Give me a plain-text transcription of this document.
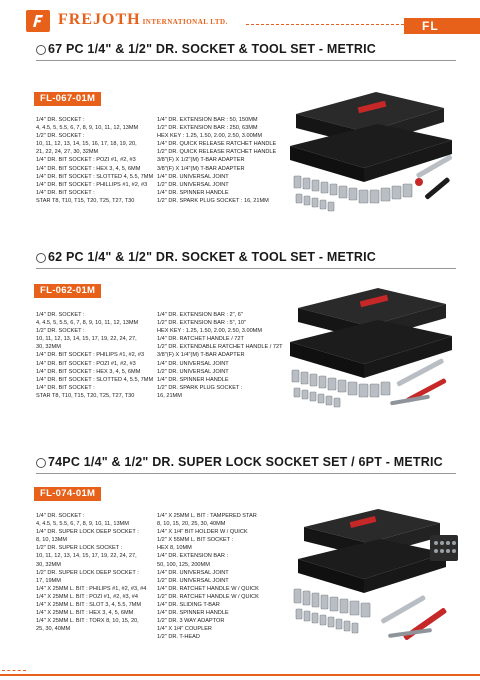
FREJOTH INTERNATIONAL LTD.	FL
67 PC 1/4" & 1/2" DR. SOCKET & TOOL SET - METRIC
FL-067-01M
1/4" DR. SOCKET :
4, 4.5, 5, 5.5, 6, 7, 8, 9, 10, 11, 12, 13MM
1/2" DR. SOCKET :
10, 11, 12, 13, 14, 15, 16, 17, 18, 19, 20,
21, 22, 24, 27, 30, 32MM
1/4" DR. BIT SOCKET : POZI #1, #2, #3
1/4" DR. BIT SOCKET : HEX 3, 4, 5, 6MM
1/4" DR. BIT SOCKET : SLOTTED 4, 5.5, 7MM
1/4" DR. BIT SOCKET : PHILLIPS #1, #2, #3
1/4" DR. BIT SOCKET :
STAR T8, T10, T15, T20, T25, T27, T30
1/4" DR. EXTENSION BAR : 50, 150MM
1/2" DR. EXTENSION BAR : 250, 63MM
HEX KEY : 1.25, 1.50, 2.00, 2.50, 3.00MM
1/4" DR. QUICK RELEASE RATCHET HANDLE
1/2" DR. QUICK RELEASE RATCHET HANDLE
3/8"(F) X 1/2"(M) T-BAR ADAPTER
3/8"(F) X 1/4"(M) T-BAR ADAPTER
1/4" DR. UNIVERSAL JOINT
1/2" DR. UNIVERSAL JOINT
1/4" DR. SPINNER HANDLE
1/2" DR. SPARK PLUG SOCKET : 16, 21MM
62 PC 1/4" & 1/2" DR. SOCKET & TOOL SET - METRIC
FL-062-01M
1/4" DR. SOCKET :
4, 4.5, 5, 5.5, 6, 7, 8, 9, 10, 11, 12, 13MM
1/2" DR. SOCKET :
10, 11, 12, 13, 14, 15, 17, 19, 22, 24, 27,
30, 32MM
1/4" DR. BIT SOCKET : PHILIPS #1, #2, #3
1/4" DR. BIT SOCKET : POZI #1, #2, #3
1/4" DR. BIT SOCKET : HEX 3, 4, 5, 6MM
1/4" DR. BIT SOCKET : SLOTTED 4, 5.5, 7MM
1/4" DR. BIT SOCKET :
STAR T8, T10, T15, T20, T25, T27, T30
1/4" DR. EXTENSION BAR : 2", 6"
1/2" DR. EXTENSION BAR : 5", 10"
HEX KEY : 1.25, 1.50, 2.00, 2.50, 3.00MM
1/4" DR. RATCHET HANDLE / 72T
1/2" DR. EXTENDABLE RATCHET HANDLE / 72T
3/8"(F) X 1/4"(M) T-BAR ADAPTER
1/4" DR. UNIVERSAL JOINT
1/2" DR. UNIVERSAL JOINT
1/4" DR. SPINNER HANDLE
1/2" DR. SPARK PLUG SOCKET :
16, 21MM
74PC 1/4" & 1/2" DR. SUPER LOCK SOCKET SET / 6PT - METRIC
FL-074-01M
1/4" DR. SOCKET :
4, 4.5, 5, 5.5, 6, 7, 8, 9, 10, 11, 13MM
1/4" DR. SUPER LOCK DEEP SOCKET :
8, 10, 13MM
1/2" DR. SUPER LOCK SOCKET :
10, 11, 12, 13, 14, 15, 17, 19, 22, 24, 27,
30, 32MM
1/2" DR. SUPER LOCK DEEP SOCKET :
17, 19MM
1/4" X 25MM L. BIT : PHILIPS #1, #2, #3, #4
1/4" X 25MM L. BIT : POZI #1, #2, #3, #4
1/4" X 25MM L. BIT : SLOT 3, 4, 5.5, 7MM
1/4" X 25MM L. BIT : HEX 3, 4, 5, 6MM
1/4" X 25MM L. BIT : TORX 8, 10, 15, 20,
25, 30, 40MM
1/4" X 25MM L. BIT : TAMPERED STAR
8, 10, 15, 20, 25, 30, 40MM
1/4" X 1/4" BIT HOLDER W / QUICK
1/2" X 55MM L. BIT SOCKET :
HEX 8, 10MM
1/4" DR. EXTENSION BAR :
50, 100, 125, 200MM
1/4" DR. UNIVERSAL JOINT
1/2" DR. UNIVERSAL JOINT
1/4" DR. RATCHET HANDLE W / QUICK
1/2" DR. RATCHET HANDLE W / QUICK
1/4" DR. SLIDING T-BAR
1/4" DR. SPINNER HANDLE
1/2" DR. 3 WAY ADAPTOR
1/4" X 1/4" COUPLER
1/2" DR. T-HEAD
